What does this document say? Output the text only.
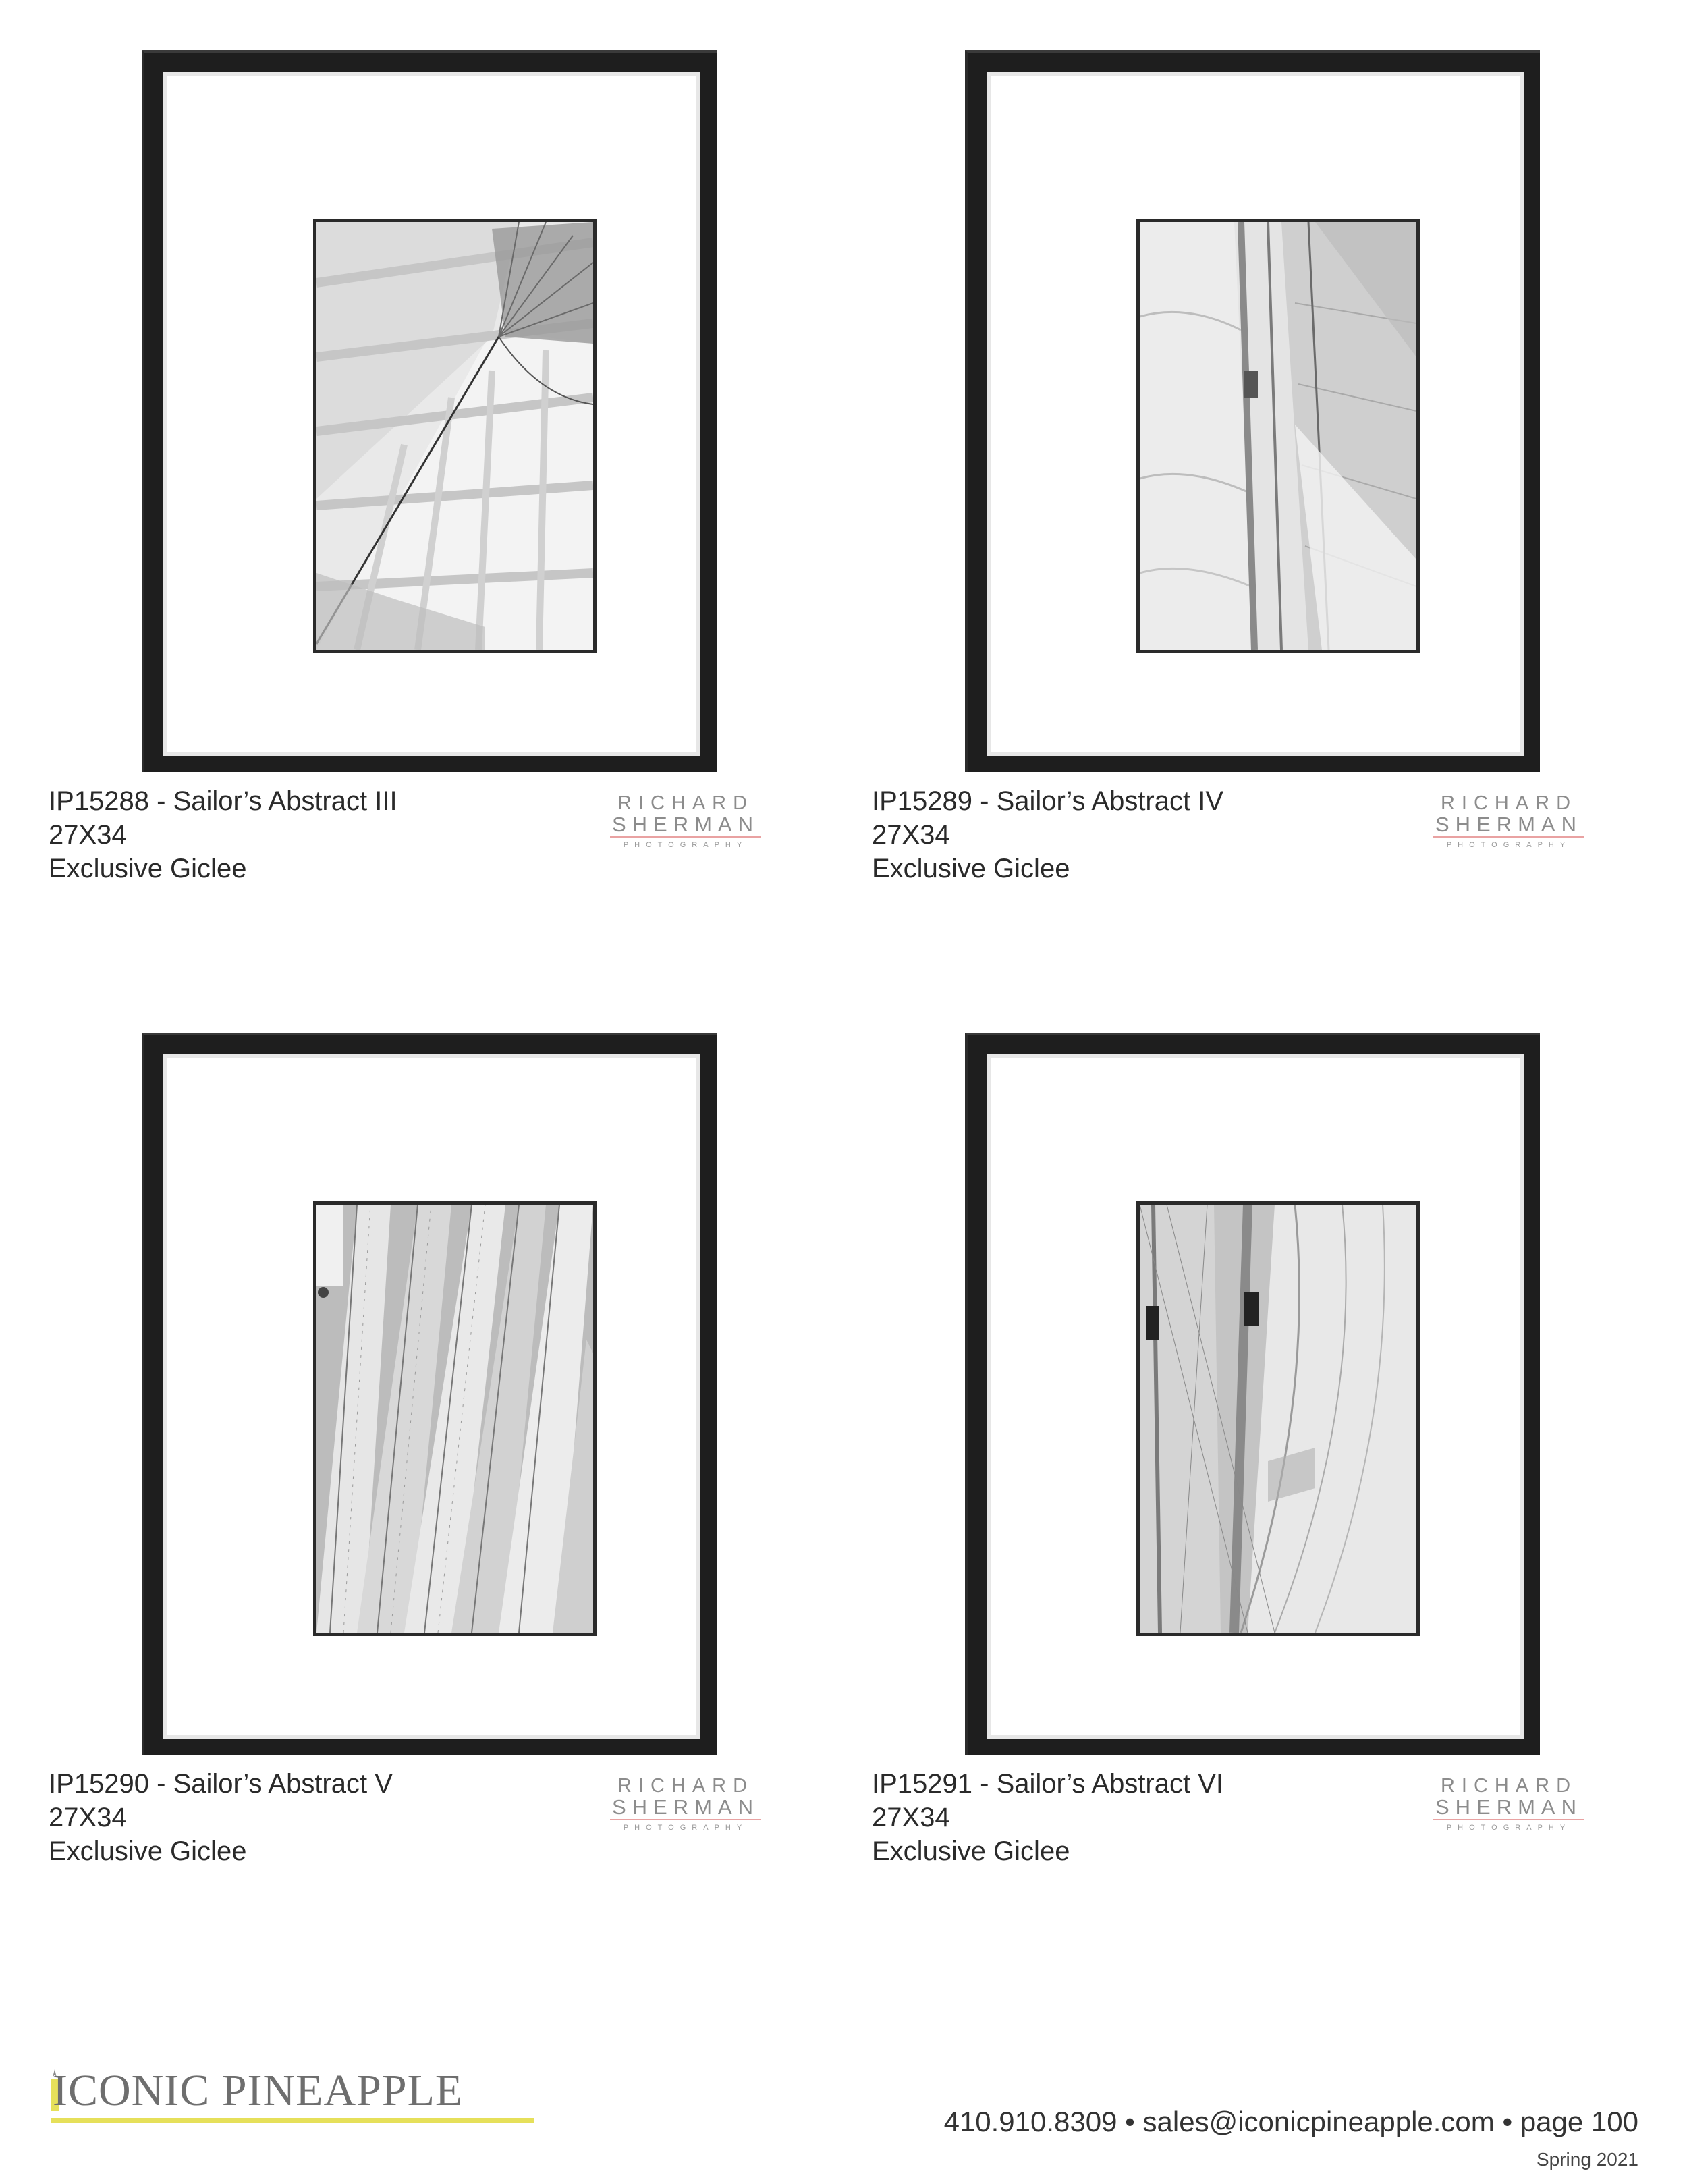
IP15288 - Sailor’s Abstract III
27X34
Exclusive Giclee
RICHARD
SHERMAN
PHOTOGRAPHY
IP15289 - Sailor’s Abstract IV
27X34
Exclusive Giclee
RICHARD
SHERMAN
PHOTOGRAPHY
IP15290 - Sailor’s Abstract V
27X34
Exclusive Giclee
RICHARD
SHERMAN
PHOTOGRAPHY
IP15291 - Sailor’s Abstract VI
27X34
Exclusive Giclee
RICHARD
SHERMAN
PHOTOGRAPHY
ICONIC PINEAPPLE
410.910.8309 • sales@iconicpineapple.com • page 100
Spring 2021
